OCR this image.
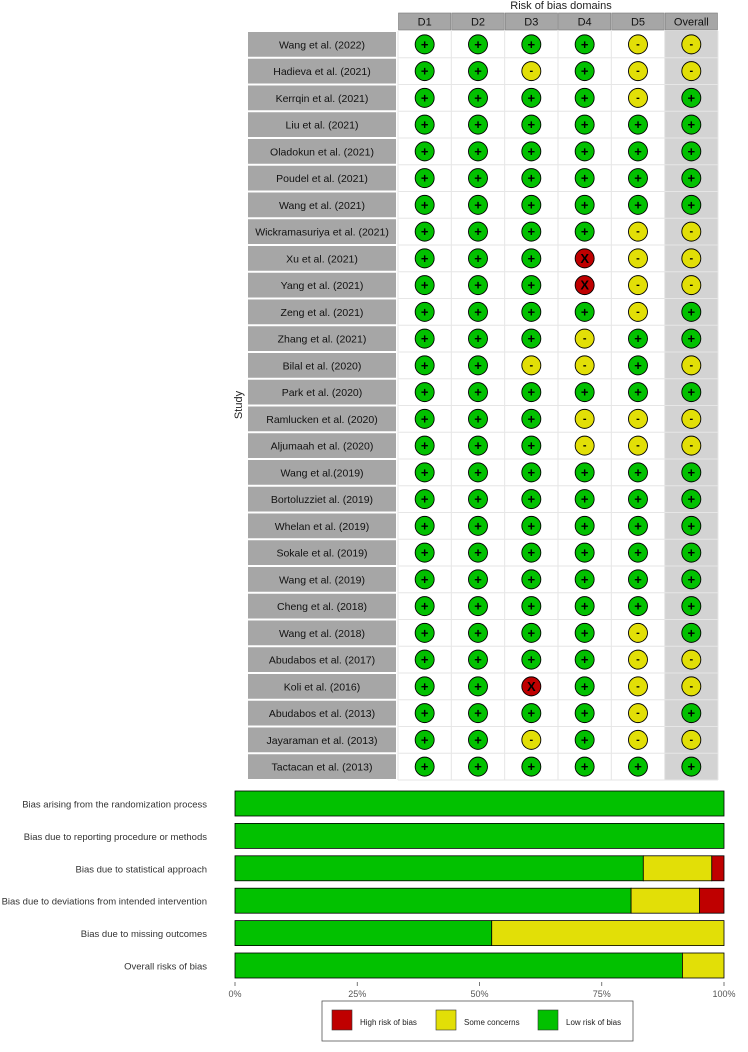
Risk of bias domains
Study
D1	D2	D3	D4	D5	Overall
Wang et al. (2022)	+	+	+	+	-	-
Hadieva et al. (2021)	+	+	-	+	-	-
Kerrqin et al. (2021)	+	+	+	+	-	+
Liu et al. (2021)	+	+	+	+	+	+
Oladokun et al. (2021)	+	+	+	+	+	+
Poudel et al. (2021)	+	+	+	+	+	+
Wang et al. (2021)	+	+	+	+	+	+
Wickramasuriya et al. (2021) +	+	+	+	-	-
Xu et al. (2021)	+	+	+	X	-	-
Yang et al. (2021)	+	+	+	X	-	-
Zeng et al. (2021)	+	+	+	+	-	+
Zhang et al. (2021)	+	+	+	-	+	+
Bilal et al. (2020)	+	+	-	-	+	-
Park et al. (2020)	+	+	+	+	+	+
Ramlucken et al. (2020)	+	+	+	-	-	-
Aljumaah et al. (2020)	+	+	+	-	-	-
Wang et al.(2019)	+	+	+	+	+	+
Bortoluzziet al. (2019)	+	+	+	+	+	+
Whelan et al. (2019)	+	+	+	+	+	+
Sokale et al. (2019)	+	+	+	+	+	+
Wang et al. (2019)	+	+	+	+	+	+
Cheng et al. (2018)	+	+	+	+	+	+
Wang et al. (2018)	+	+	+	+	-	+
Abudabos et al. (2017)	+	+	+	+	-	-
Koli et al. (2016)	+	+	X	+	-	-
Abudabos et al. (2013)	+	+	+	+	-	+
Jayaraman et al. (2013)	+	+	-	+	-	-
Tactacan et al. (2013)	+	+	+	+	+	+
Bias arising from the randomization process
Bias due to reporting procedure or methods
Bias due to statistical approach
Bias due to deviations from intended intervention
Bias due to missing outcomes
Overall risks of bias
0%	25%	50%	75%	100%
High risk of bias	Some concerns	Low risk of bias
